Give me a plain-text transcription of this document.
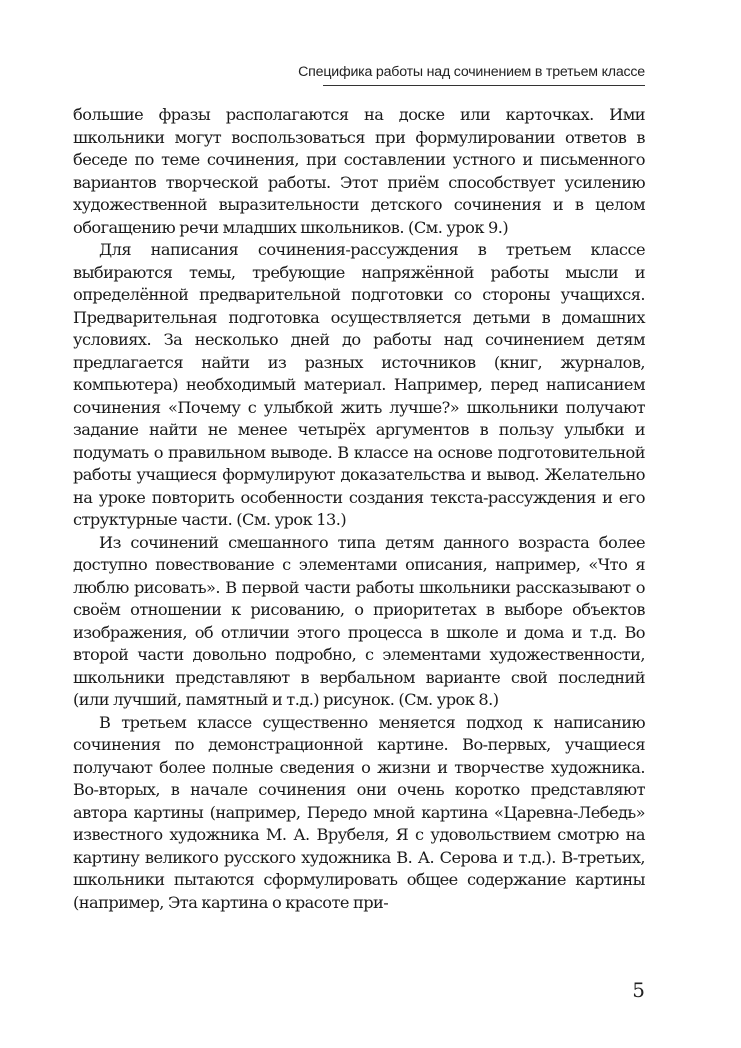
Специфика работы над сочинением в третьем классе

большие фразы располагаются на доске или карточках. Ими школьники могут воспользоваться при формулировании ответов в беседе по теме сочинения, при составлении устного и письменного вариантов творческой работы. Этот приём способствует усилению художественной выразительности детского сочинения и в целом обогащению речи младших школьников. (См. урок 9.)

Для написания сочинения-рассуждения в третьем классе выбираются темы, требующие напряжённой работы мысли и определённой предварительной подготовки со стороны учащихся. Предварительная подготовка осуществляется детьми в домашних условиях. За несколько дней до работы над сочинением детям предлагается найти из разных источников (книг, журналов, компьютера) необходимый материал. Например, перед написанием сочинения «Почему с улыбкой жить лучше?» школьники получают задание найти не менее четырёх аргументов в пользу улыбки и подумать о правильном выводе. В классе на основе подготовительной работы учащиеся формулируют доказательства и вывод. Желательно на уроке повторить особенности создания текста-рассуждения и его структурные части. (См. урок 13.)

Из сочинений смешанного типа детям данного возраста более доступно повествование с элементами описания, например, «Что я люблю рисовать». В первой части работы школьники рассказывают о своём отношении к рисованию, о приоритетах в выборе объектов изображения, об отличии этого процесса в школе и дома и т.д. Во второй части довольно подробно, с элементами художественности, школьники представляют в вербальном варианте свой последний (или лучший, памятный и т.д.) рисунок. (См. урок 8.)

В третьем классе существенно меняется подход к написанию сочинения по демонстрационной картине. Во-первых, учащиеся получают более полные сведения о жизни и творчестве художника. Во-вторых, в начале сочинения они очень коротко представляют автора картины (например, Передо мной картина «Царевна-Лебедь» известного художника М. А. Врубеля, Я с удовольствием смотрю на картину великого русского художника В. А. Серова и т.д.). В-третьих, школьники пытаются сформулировать общее содержание картины (например, Эта картина о красоте при-

5
